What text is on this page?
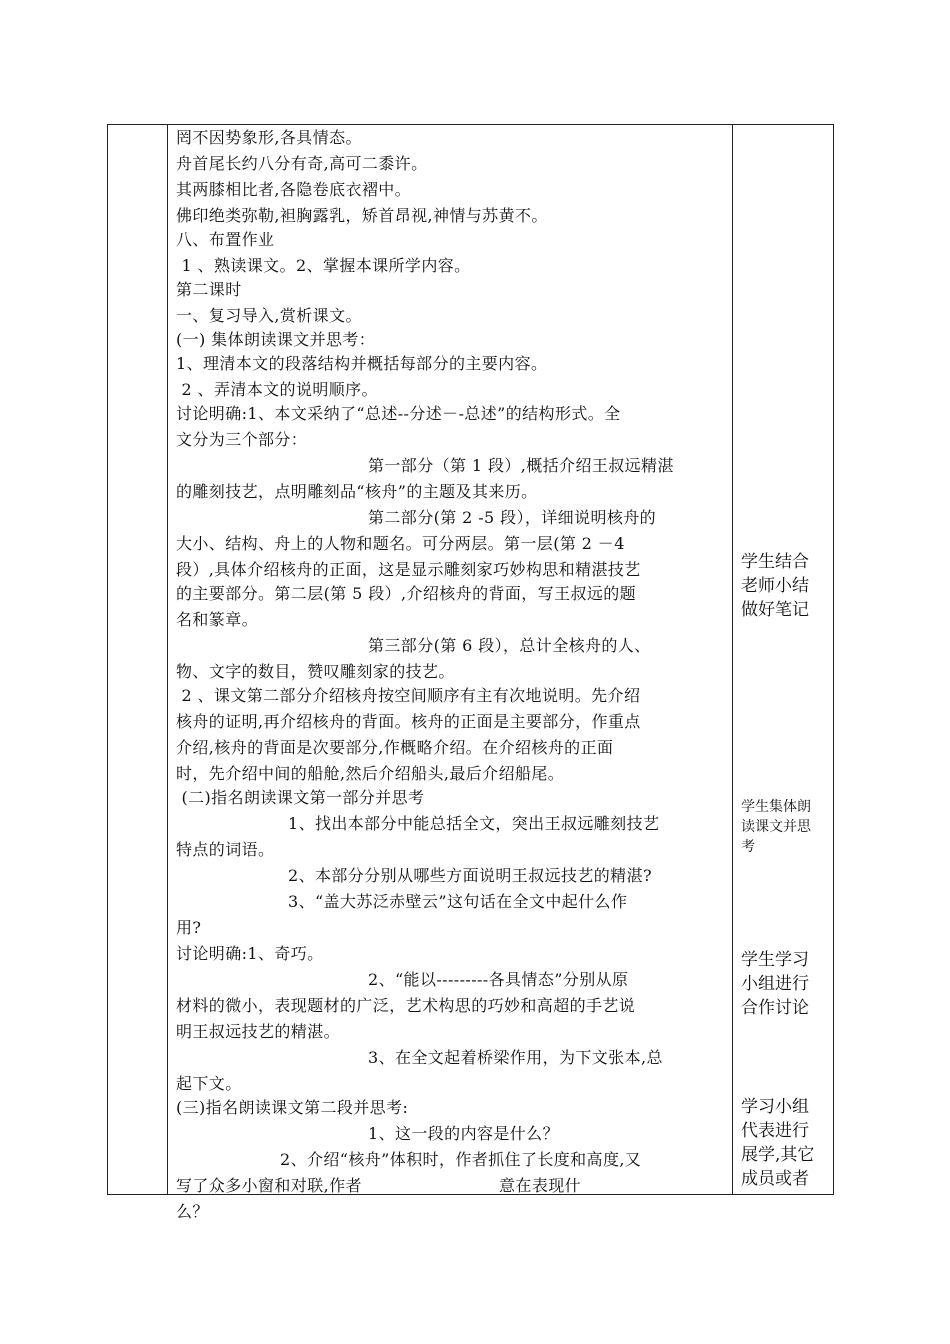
罔不因势象形,各具情态。
舟首尾长约八分有奇,高可二黍许。
其两膝相比者,各隐卷底衣褶中。
佛印绝类弥勒,袒胸露乳，矫首昂视,神情与苏黄不。
八、布置作业
1 、熟读课文。2、掌握本课所学内容。
第二课时
一、复习导入,赏析课文。
(一) 集体朗读课文并思考：
1、理清本文的段落结构并概括每部分的主要内容。
2 、弄清本文的说明顺序。
讨论明确:1、本文采纳了“总述--分述－-总述”的结构形式。全
文分为三个部分：
第一部分（第 1 段）,概括介绍王叔远精湛
的雕刻技艺，点明雕刻品“核舟”的主题及其来历。
第二部分(第 2 -5 段），详细说明核舟的
大小、结构、舟上的人物和题名。可分两层。第一层(第 2 －4
段）,具体介绍核舟的正面，这是显示雕刻家巧妙构思和精湛技艺
的主要部分。第二层(第 5 段）,介绍核舟的背面，写王叔远的题
名和篆章。
第三部分(第 6 段），总计全核舟的人、
物、文字的数目，赞叹雕刻家的技艺。
2 、课文第二部分介绍核舟按空间顺序有主有次地说明。先介绍
核舟的证明,再介绍核舟的背面。核舟的正面是主要部分，作重点
介绍,核舟的背面是次要部分,作概略介绍。在介绍核舟的正面
时，先介绍中间的船舱,然后介绍船头,最后介绍船尾。
(二)指名朗读课文第一部分并思考
1、找出本部分中能总括全文，突出王叔远雕刻技艺
特点的词语。
2、本部分分别从哪些方面说明王叔远技艺的精湛?
3、“盖大苏泛赤壁云”这句话在全文中起什么作
用?
讨论明确:1、奇巧。
2、“能以---------各具情态”分别从原
材料的微小，表现题材的广泛，艺术构思的巧妙和高超的手艺说
明王叔远技艺的精湛。
3、在全文起着桥梁作用，为下文张本,总
起下文。
(三)指名朗读课文第二段并思考:
1、这一段的内容是什么？
2、介绍“核舟”体积时，作者抓住了长度和高度,又
写了众多小窗和对联,作者                         意在表现什
么？
学生结合
老师小结
做好笔记
学生集体朗
读课文并思
考
学生学习
小组进行
合作讨论
学习小组
代表进行
展学,其它
成员或者
